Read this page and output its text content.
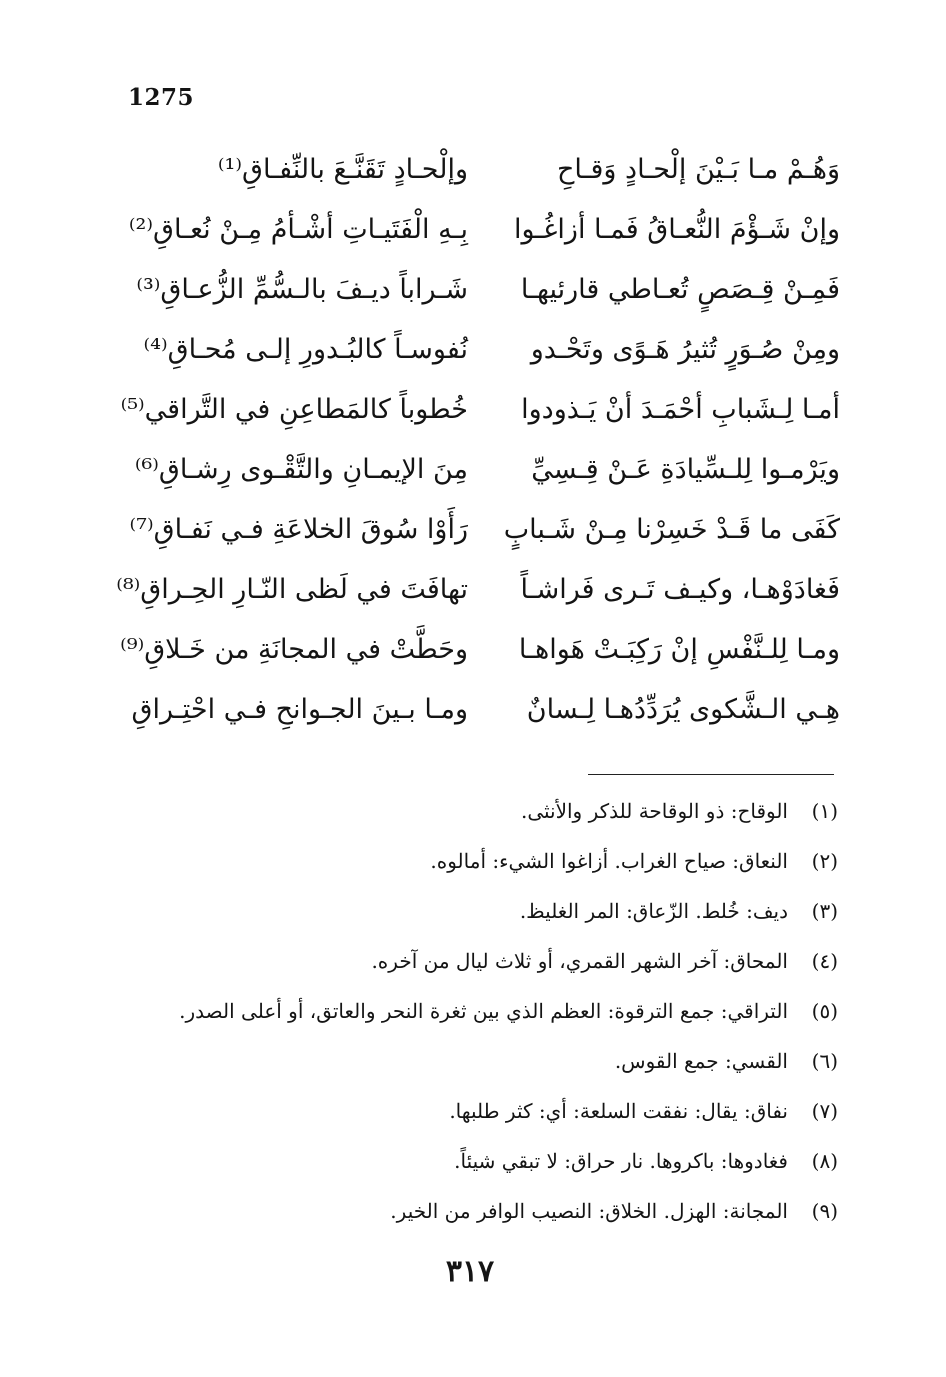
1275
وَهُـمْ مـا بَـيْنَ إلْحـادٍ وَقـاحِ
وإلْحـادٍ تَقَنَّـعَ بالنِّفـاقِ⁽¹⁾
وإنْ شَـؤْمَ النُّعـاقُ فَمـا أزاغُـوا
بِـهِ الْفَتَيـاتِ أشْـأمُ مِـنْ نُعـاقِ⁽²⁾
فَمِـنْ قِـصَصٍ تُعـاطي قارئيهـا
شَـراباً ديـفَ بالـسُّمِّ الزُّعـاقِ⁽³⁾
ومِنْ صُـوَرٍ تُثيرُ هَـوًى وتَحْـدو
نُفوسـاً كالبُـدورِ إلـى مُحـاقِ⁽⁴⁾
أمـا لِـشَبابِ أحْمَـدَ أنْ يَـذودوا
خُطوباً كالمَطاعِنِ في التَّراقي⁽⁵⁾
ويَرْمـوا لِلـسِّيادَةِ عَـنْ قِـسِيِّ
مِنَ الإيمـانِ والتَّقْـوى رِشـاقِ⁽⁶⁾
كَفَى ما قَـدْ خَسِرْنا مِـنْ شَـبابٍ
رَأَوْا سُوقَ الخلاعَةِ فـي نَفـاقِ⁽⁷⁾
فَغادَوْهـا، وكيـف تَـرى فَراشـاً
تهافَتَ في لَظى النّـارِ الحِـراقِ⁽⁸⁾
ومـا لِلـنَّفْسِ إنْ رَكِبَـتْ هَواهـا
وحَطَّتْ في المجانَةِ من خَـلاقِ⁽⁹⁾
هِـي الـشَّكوى يُرَدِّدُهـا لِـسانٌ
ومـا بـينَ الجـوانحِ فـي احْتِـراقِ
(١)
الوقاح: ذو الوقاحة للذكر والأنثى.
(٢)
النعاق: صياح الغراب. أزاغوا الشيء: أمالوه.
(٣)
ديف: خُلط. الزّعاق: المر الغليظ.
(٤)
المحاق: آخر الشهر القمري، أو ثلاث ليال من آخره.
(٥)
التراقي: جمع الترقوة: العظم الذي بين ثغرة النحر والعاتق، أو أعلى الصدر.
(٦)
القسي: جمع القوس.
(٧)
نفاق: يقال: نفقت السلعة: أي: كثر طلبها.
(٨)
فغادوها: باكروها. نار حراق: لا تبقي شيئاً.
(٩)
المجانة: الهزل. الخلاق: النصيب الوافر من الخير.
٣١٧
